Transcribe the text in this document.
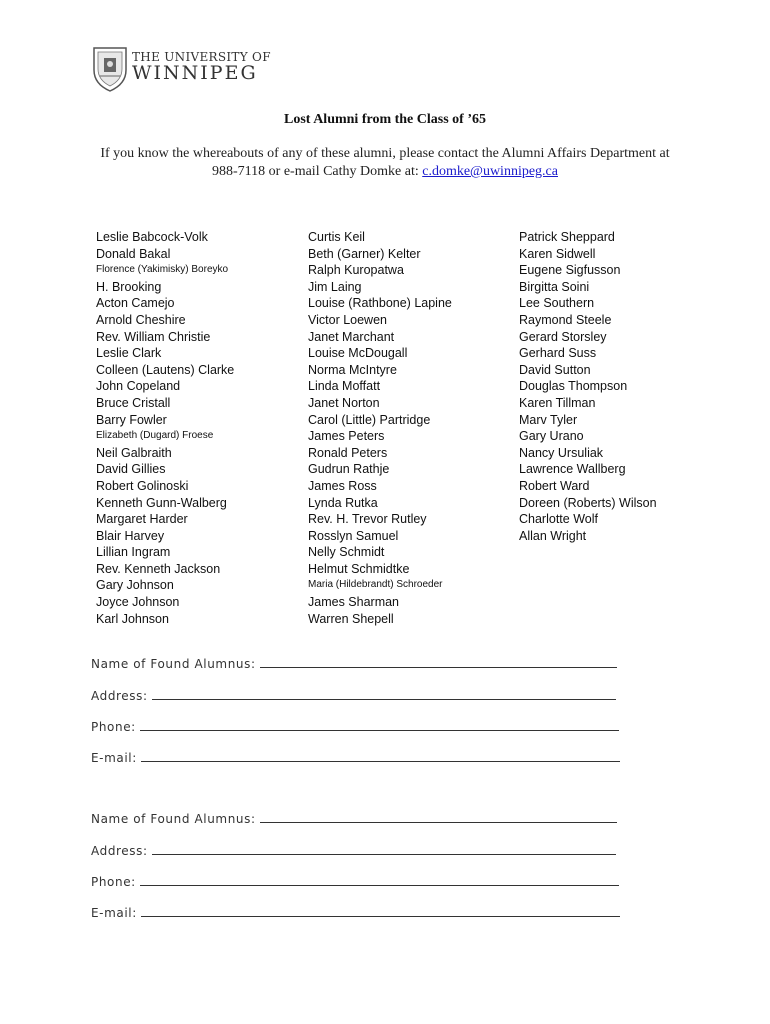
THE UNIVERSITY OF
WINNIPEG
Lost Alumni from the Class of ’65
If you know the whereabouts of any of these alumni, please contact the Alumni Affairs Department at 988-7118 or e-mail Cathy Domke at: c.domke@uwinnipeg.ca
Leslie Babcock-Volk
Donald Bakal
Florence (Yakimisky) Boreyko
H. Brooking
Acton Camejo
Arnold Cheshire
Rev. William Christie
Leslie Clark
Colleen (Lautens) Clarke
John Copeland
Bruce Cristall
Barry Fowler
Elizabeth (Dugard) Froese
Neil Galbraith
David Gillies
Robert Golinoski
Kenneth Gunn-Walberg
Margaret Harder
Blair Harvey
Lillian Ingram
Rev. Kenneth Jackson
Gary Johnson
Joyce Johnson
Karl Johnson
Curtis Keil
Beth (Garner) Kelter
Ralph Kuropatwa
Jim Laing
Louise (Rathbone) Lapine
Victor Loewen
Janet Marchant
Louise McDougall
Norma McIntyre
Linda Moffatt
Janet Norton
Carol (Little) Partridge
James Peters
Ronald Peters
Gudrun Rathje
James Ross
Lynda Rutka
Rev. H. Trevor Rutley
Rosslyn Samuel
Nelly Schmidt
Helmut Schmidtke
Maria (Hildebrandt) Schroeder
James Sharman
Warren Shepell
Patrick Sheppard
Karen Sidwell
Eugene Sigfusson
Birgitta Soini
Lee Southern
Raymond Steele
Gerard Storsley
Gerhard Suss
David Sutton
Douglas Thompson
Karen Tillman
Marv Tyler
Gary Urano
Nancy Ursuliak
Lawrence Wallberg
Robert Ward
Doreen (Roberts) Wilson
Charlotte Wolf
Allan Wright
Name of Found Alumnus:
Address:
Phone:
E-mail:
Name of Found Alumnus:
Address:
Phone:
E-mail:
